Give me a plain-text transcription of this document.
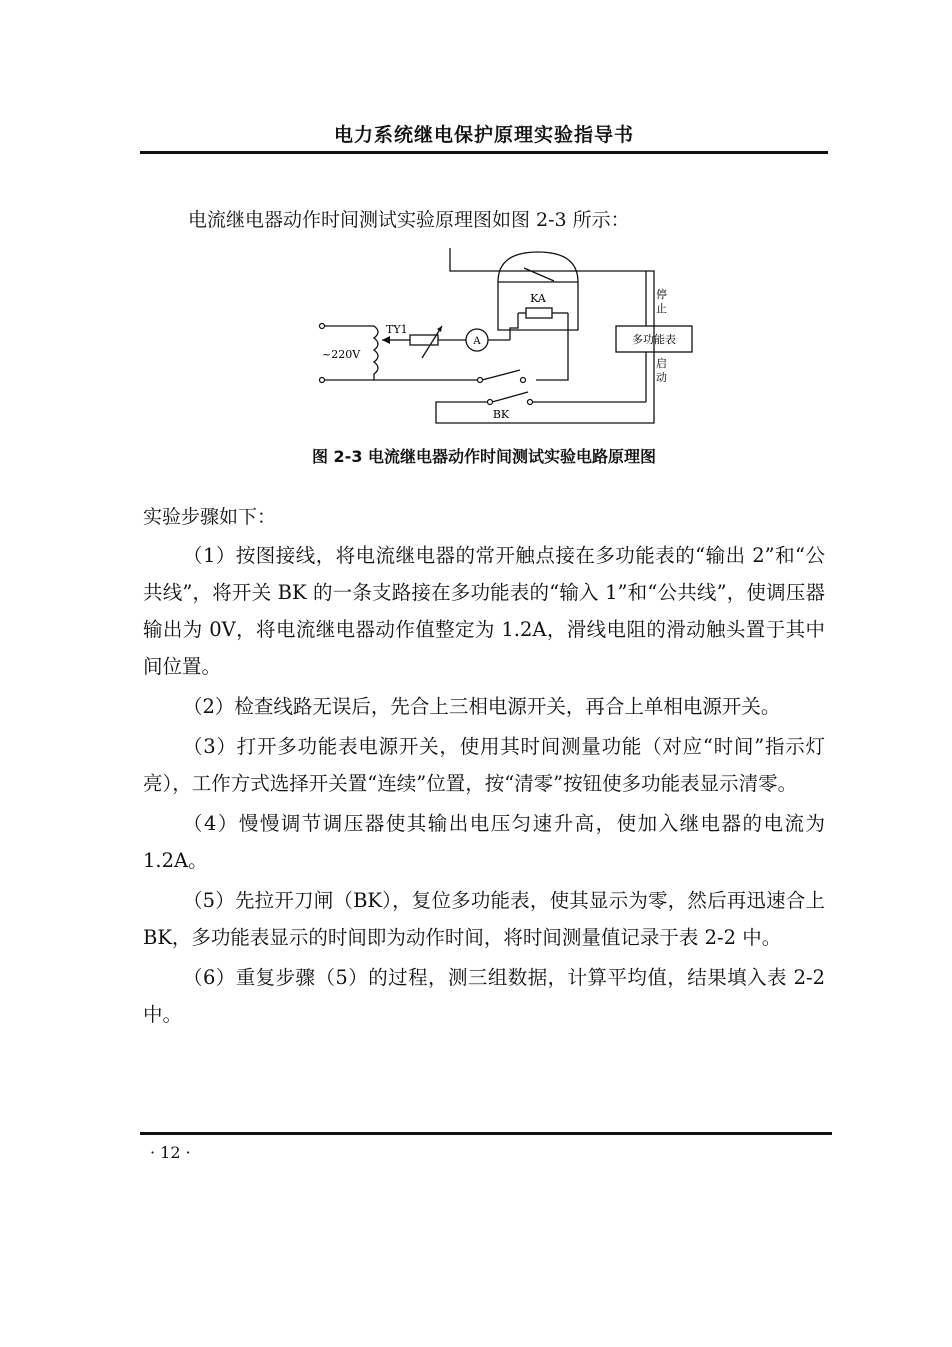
电力系统继电保护原理实验指导书
电流继电器动作时间测试实验原理图如图 2-3 所示：
KA
TY1
~220V
A	多功能表
停
止
启
动
BK
图 2-3 电流继电器动作时间测试实验电路原理图
实验步骤如下：

（1）按图接线，将电流继电器的常开触点接在多功能表的“输出 2”和“公共线”，将开关 BK 的一条支路接在多功能表的“输入 1”和“公共线”，使调压器输出为 0V，将电流继电器动作值整定为 1.2A，滑线电阻的滑动触头置于其中间位置。

（2）检查线路无误后，先合上三相电源开关，再合上单相电源开关。

（3）打开多功能表电源开关，使用其时间测量功能（对应“时间”指示灯亮），工作方式选择开关置“连续”位置，按“清零”按钮使多功能表显示清零。

（4）慢慢调节调压器使其输出电压匀速升高，使加入继电器的电流为 1.2A。

（5）先拉开刀闸（BK），复位多功能表，使其显示为零，然后再迅速合上 BK，多功能表显示的时间即为动作时间，将时间测量值记录于表 2-2 中。

（6）重复步骤（5）的过程，测三组数据，计算平均值，结果填入表 2-2 中。

· 12 ·
